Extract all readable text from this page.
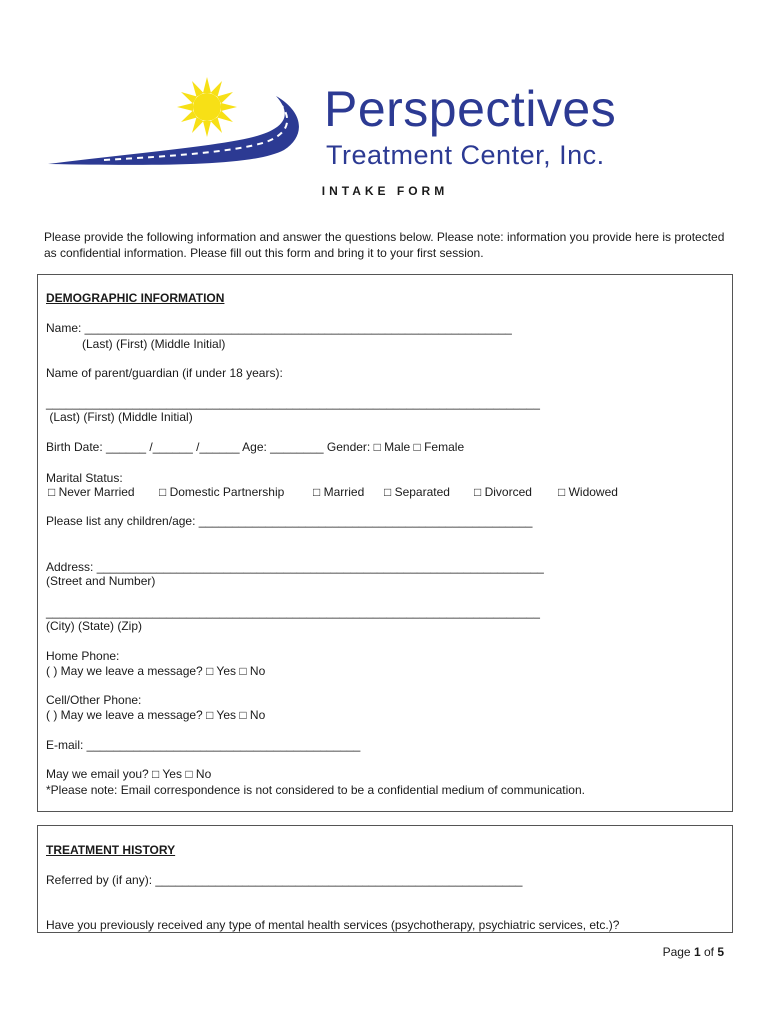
Perspectives
Treatment Center, Inc.
INTAKE FORM
Please provide the following information and answer the questions below. Please note: information you provide here is protected as confidential information. Please fill out this form and bring it to your first session.
DEMOGRAPHIC INFORMATION
Name: ________________________________________________________________
(Last) (First) (Middle Initial)
Name of parent/guardian (if under 18 years):
__________________________________________________________________________
(Last) (First) (Middle Initial)
Birth Date: ______ /______ /______ Age: ________ Gender: □ Male □ Female
Marital Status:
□ Never Married □ Domestic Partnership □ Married □ Separated □ Divorced □ Widowed
Please list any children/age: __________________________________________________
Address: ___________________________________________________________________
(Street and Number)
__________________________________________________________________________
(City) (State) (Zip)
Home Phone:
( ) May we leave a message? □ Yes □ No
Cell/Other Phone:
( ) May we leave a message? □ Yes □ No
E-mail: _________________________________________
May we email you? □ Yes □ No
*Please note: Email correspondence is not considered to be a confidential medium of communication.
TREATMENT HISTORY
Referred by (if any): _______________________________________________________
Have you previously received any type of mental health services (psychotherapy, psychiatric services, etc.)?
Page 1 of 5
